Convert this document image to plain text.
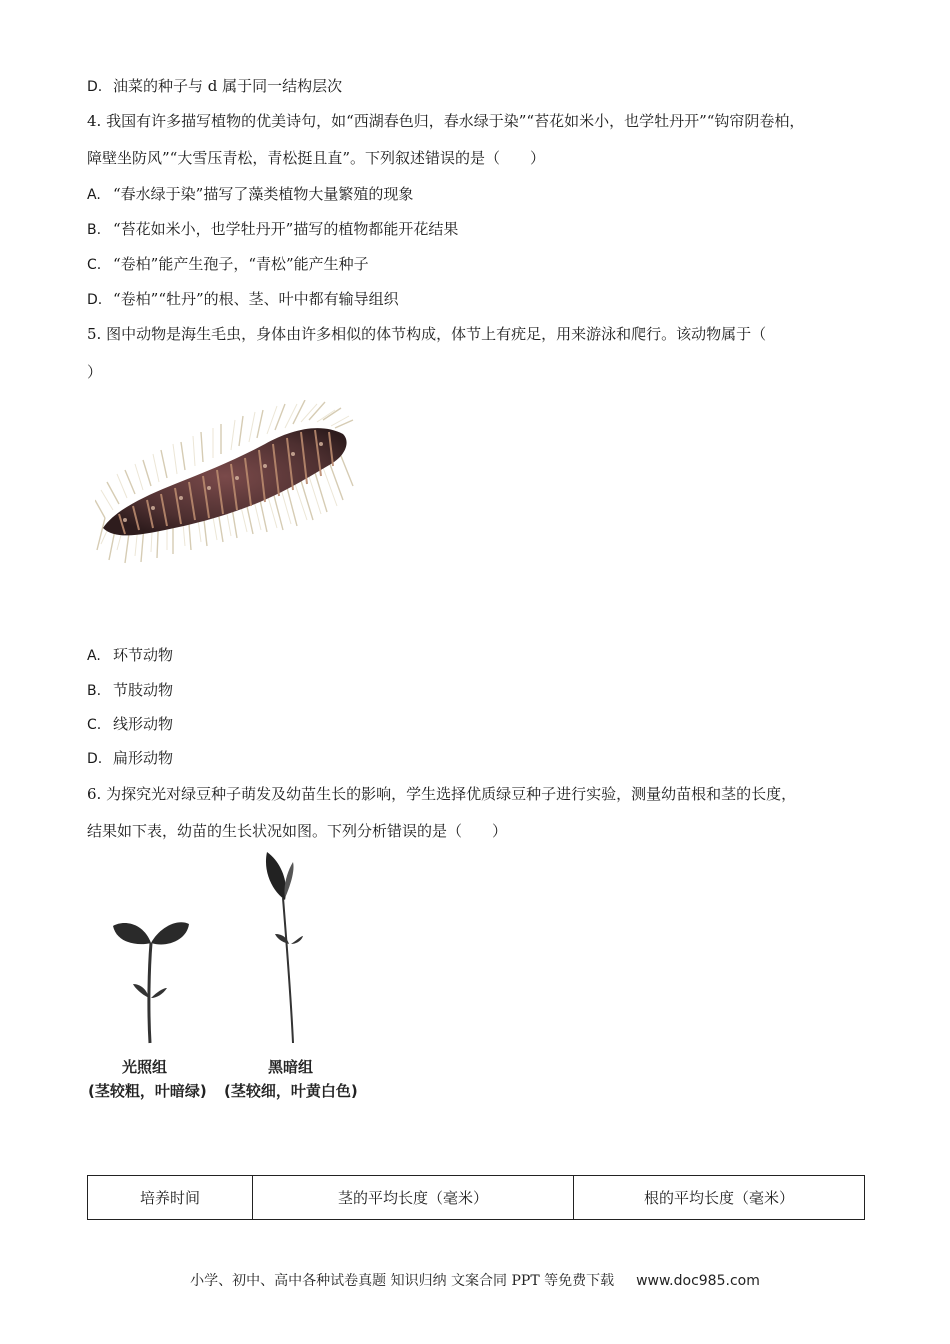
D. 油菜的种子与 d 属于同一结构层次
4. 我国有许多描写植物的优美诗句，如“西湖春色归，春水绿于染”“苔花如米小，也学牡丹开”“钩帘阴卷柏，
障壁坐防风”“大雪压青松，青松挺且直”。下列叙述错误的是（　　）
A. “春水绿于染”描写了藻类植物大量繁殖的现象
B. “苔花如米小，也学牡丹开”描写的植物都能开花结果
C. “卷柏”能产生孢子，“青松”能产生种子
D. “卷柏”“牡丹”的根、茎、叶中都有输导组织
5. 图中动物是海生毛虫，身体由许多相似的体节构成，体节上有疣足，用来游泳和爬行。该动物属于（
）
A. 环节动物
B. 节肢动物
C. 线形动物
D. 扁形动物
6. 为探究光对绿豆种子萌发及幼苗生长的影响，学生选择优质绿豆种子进行实验，测量幼苗根和茎的长度，
结果如下表，幼苗的生长状况如图。下列分析错误的是（　　）
光照组
(茎较粗，叶暗绿)
黑暗组
(茎较细，叶黄白色)
培养时间	茎的平均长度（毫米）	根的平均长度（毫米）
小学、初中、高中各种试卷真题 知识归纳 文案合同 PPT 等免费下载 www.doc985.com
